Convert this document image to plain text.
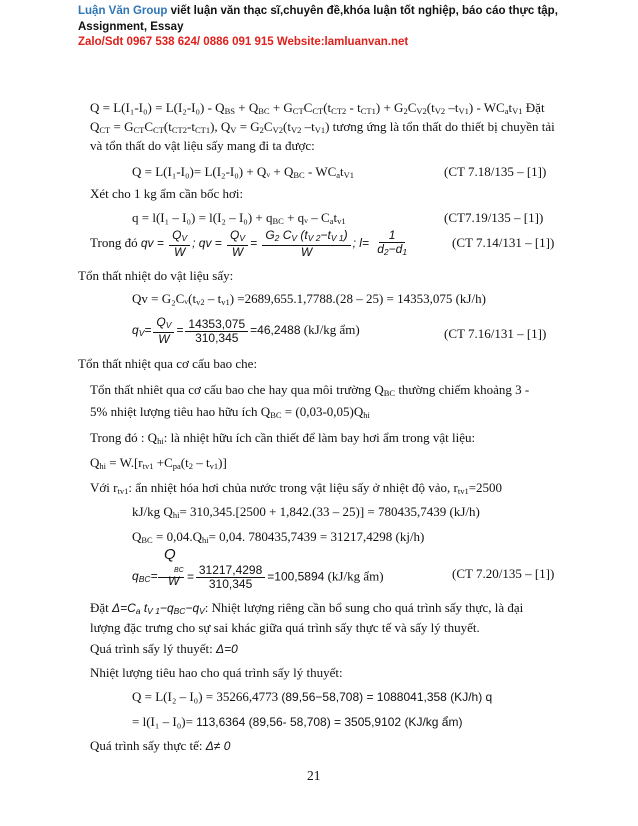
Luận Văn Group viết luận văn thạc sĩ,chuyên đề,khóa luận tốt nghiệp, báo cáo thực tập,
Assignment, Essay
Zalo/Sdt 0967 538 624/ 0886 091 915 Website:lamluanvan.net
$Q = L(I_1-I_0) = L(I_2-I_0) - Q_{BS} + Q_{BC} + G_{CT}C_{CT}(t_{CT2} - t_{CT1}) + G_2C_{V2}(t_{V2}$ $-t_{V1}) - WC_at_{V1}$ Đặt
$Q_{CT} = G_{CT}C_{CT}(t_{CT2}-t_{CT1})$, $Q_V = G_2C_{V2}(t_{V2}$ $-t_{V1}$) tương ứng là tổn thất do thiết bị chuyền tải
và tổn thất do vật liệu sấy mang đi ta được:
Q = L(I₁-I₀)= L(I₂-I₀) + Qᵥ + $Q_{BC} - WC_at_{V1}$	(CT 7.18/135 – [1])
Xét cho 1 kg ẩm cần bốc hơi:
$q = l(I_1 - I_0) = l(I_2 - I_0) + q_{BC}$ + qᵥ – $C_at_{v1}$	(CT7.19/135 – [1])
Trong đó qv = $\frac{Q_V}{W}$ ; qv = $\frac{Q_V}{W} = \frac{G_2 C_V (t_{V 2}-t_{V 1})}{W}$ ; $l= \frac{1}{d_2-d_1}$	(CT 7.14/131 – [1])
Tổn thất nhiệt do vật liệu sấy:
Qᴠ = $G_2Cᵥ(t_{v2} - t_{v1}) =2689,655.1,7788.(28 - 25) = 14353,075$ (kJ/h)
$q_V= \frac{Q_V}{W} = \frac{14353,075}{310,345} =46,2488$ (kJ/kg ẩm)	(CT 7.16/131 – [1])
Tổn thất nhiệt qua cơ cấu bao che:
Tổn thất nhiêt qua cơ cấu bao che hay qua môi trường $Q_{BC}$ thường chiếm khoảng 3 -
5% nhiệt lượng tiêu hao hữu ích $Q_{BC} = (0,03-0,05)Q_{hi}$
Trong đó : $Q_{hi}$: là nhiệt hữu ích cần thiết để làm bay hơi ẩm trong vật liệu:
$Q_{hi} = W.[r_{tv1} +C_{pa}(t_2 - t_{v1})]$
Với $r_{tv1}$: ẩn nhiệt hóa hơi chủa nước trong vật liệu sấy ở nhiệt độ vảo, $r_{tv1}=2500$
kJ/kg $Q_{hi}= 310,345.[2500 + 1,842.(33 - 25)] = 780435,7439$ (kJ/h)
$Q_{BC} = 0,04.Q_{hi}= 0,04$. 780435,7439 = 31217,4298 (kj/h)
Q
BC
$q_{BC}= = \frac{31217,4298}{310,345} =100,5894$ (kJ/kg ẩm)
W	(CT 7.20/135 – [1])
Đặt $\Delta=C_a$ $t_{V 1}-q_{BC}-q_V$: Nhiệt lượng riêng cần bổ sung cho quá trình sấy thực, là đại
lượng đặc trưng cho sự sai khác giữa quá trình sấy thực tế và sấy lý thuyết.
Quá trình sấy lý thuyết: Δ=0
Nhiệt lượng tiêu hao cho quá trình sấy lý thuyết:
Q = L(I₂ – I₀) = 35266,4773 (89,56−58,708) = 1088041,358 (KJ/h) q
= l(I₁ – I₀)= 113,6364 (89,56- 58,708) = 3505,9102 (KJ/kg ẩm)
Quá trình sấy thực tế: Δ≠ 0
21
